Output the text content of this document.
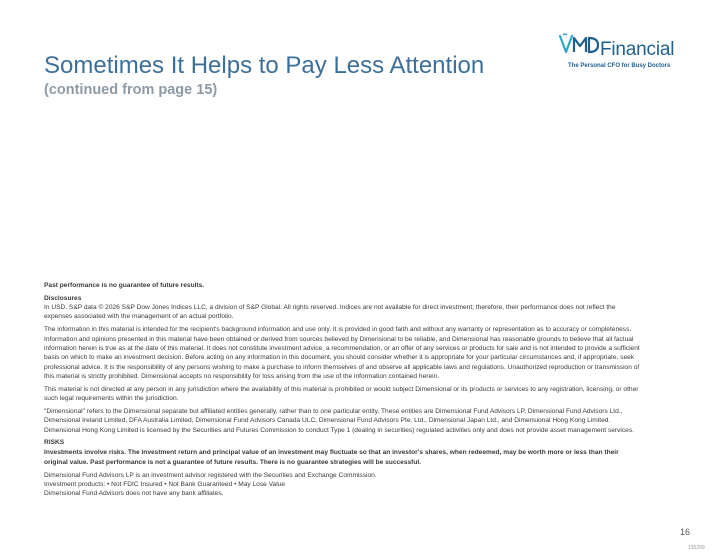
Sometimes It Helps to Pay Less Attention
(continued from page 15)
Financial
The Personal CFO for Busy Doctors

Past performance is no guarantee of future results.

Disclosures
In USD. S&P data © 2026 S&P Dow Jones Indices LLC, a division of S&P Global. All rights reserved. Indices are not available for direct investment; therefore, their performance does not reflect the expenses associated with the management of an actual portfolio.

The information in this material is intended for the recipient's background information and use only. It is provided in good faith and without any warranty or representation as to accuracy or completeness. Information and opinions presented in this material have been obtained or derived from sources believed by Dimensional to be reliable, and Dimensional has reasonable grounds to believe that all factual information herein is true as at the date of this material. It does not constitute investment advice, a recommendation, or an offer of any services or products for sale and is not intended to provide a sufficient basis on which to make an investment decision. Before acting on any information in this document, you should consider whether it is appropriate for your particular circumstances and, if appropriate, seek professional advice. It is the responsibility of any persons wishing to make a purchase to inform themselves of and observe all applicable laws and regulations. Unauthorized reproduction or transmission of this material is strictly prohibited. Dimensional accepts no responsibility for loss arising from the use of the information contained herein.

This material is not directed at any person in any jurisdiction where the availability of this material is prohibited or would subject Dimensional or its products or services to any registration, licensing, or other such legal requirements within the jurisdiction.

"Dimensional" refers to the Dimensional separate but affiliated entities generally, rather than to one particular entity. These entities are Dimensional Fund Advisors LP, Dimensional Fund Advisors Ltd., Dimensional Ireland Limited, DFA Australia Limited, Dimensional Fund Advisors Canada ULC, Dimensional Fund Advisors Pte. Ltd., Dimensional Japan Ltd., and Dimensional Hong Kong Limited. Dimensional Hong Kong Limited is licensed by the Securities and Futures Commission to conduct Type 1 (dealing in securities) regulated activities only and does not provide asset management services.

RISKS

Investments involve risks. The investment return and principal value of an investment may fluctuate so that an investor's shares, when redeemed, may be worth more or less than their original value. Past performance is not a guarantee of future results. There is no guarantee strategies will be successful.

Dimensional Fund Advisors LP is an investment advisor registered with the Securities and Exchange Commission.
Investment products: • Not FDIC Insured • Not Bank Guaranteed • May Lose Value
Dimensional Fund Advisors does not have any bank affiliates.

16
135209
